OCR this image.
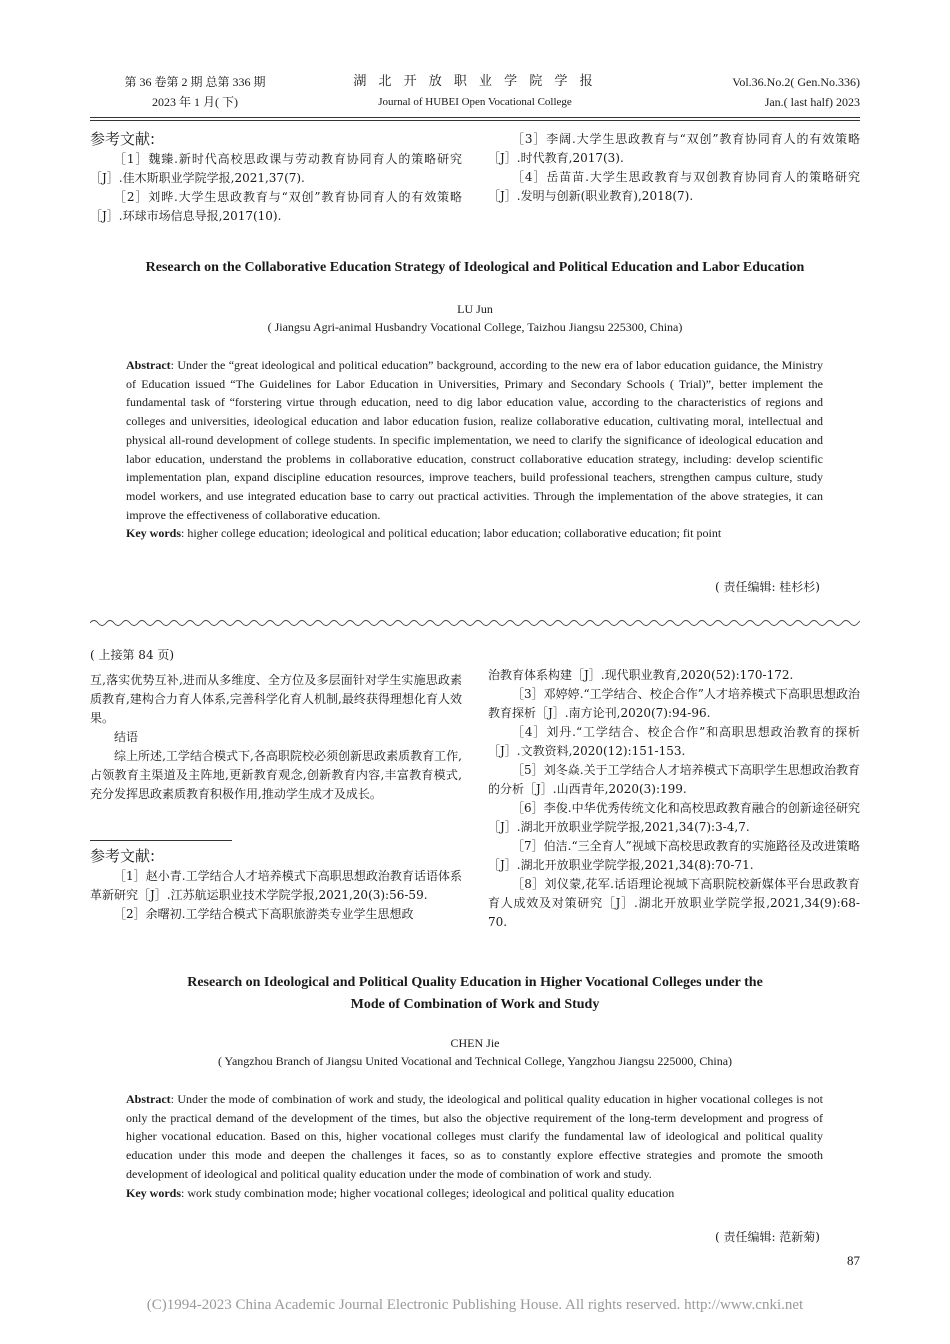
第 36 卷第 2 期 总第 336 期
2023 年 1 月( 下)
湖 北 开 放 职 业 学 院 学 报
Journal of HUBEI Open Vocational College
Vol.36.No.2( Gen.No.336)
Jan.( last half) 2023
参考文献:
［1］魏臻.新时代高校思政课与劳动教育协同育人的策略研究［J］.佳木斯职业学院学报,2021,37(7).
［2］刘晔.大学生思政教育与“双创”教育协同育人的有效策略［J］.环球市场信息导报,2017(10).
［3］李阔.大学生思政教育与“双创”教育协同育人的有效策略［J］.时代教育,2017(3).
［4］岳苗苗.大学生思政教育与双创教育协同育人的策略研究［J］.发明与创新(职业教育),2018(7).
Research on the Collaborative Education Strategy of Ideological and Political Education and Labor Education
LU Jun
( Jiangsu Agri-animal Husbandry Vocational College, Taizhou Jiangsu 225300, China)
Abstract: Under the “great ideological and political education” background, according to the new era of labor education guidance, the Ministry of Education issued “The Guidelines for Labor Education in Universities, Primary and Secondary Schools ( Trial)”, better implement the fundamental task of “forstering virtue through education, need to dig labor education value, according to the characteristics of regions and colleges and universities, ideological education and labor education fusion, realize collaborative education, cultivating moral, intellectual and physical all-round development of college students. In specific implementation, we need to clarify the significance of ideological education and labor education, understand the problems in collaborative education, construct collaborative education strategy, including: develop scientific implementation plan, expand discipline education resources, improve teachers, build professional teachers, strengthen campus culture, study model workers, and use integrated education base to carry out practical activities. Through the implementation of the above strategies, it can improve the effectiveness of collaborative education.
Key words: higher college education; ideological and political education; labor education; collaborative education; fit point
( 责任编辑: 桂杉杉)
( 上接第 84 页)
互,落实优势互补,进而从多维度、全方位及多层面针对学生实施思政素质教育,建构合力育人体系,完善科学化育人机制,最终获得理想化育人效果。
结语
综上所述,工学结合模式下,各高职院校必须创新思政素质教育工作,占领教育主渠道及主阵地,更新教育观念,创新教育内容,丰富教育模式,充分发挥思政素质教育积极作用,推动学生成才及成长。
参考文献:
［1］赵小青.工学结合人才培养模式下高职思想政治教育话语体系革新研究［J］.江苏航运职业技术学院学报,2021,20(3):56-59.
［2］余曙初.工学结合模式下高职旅游类专业学生思想政
治教育体系构建［J］.现代职业教育,2020(52):170-172.
［3］邓婷婷.“工学结合、校企合作”人才培养模式下高职思想政治教育探析［J］.南方论刊,2020(7):94-96.
［4］刘丹.“工学结合、校企合作”和高职思想政治教育的探析［J］.文教资料,2020(12):151-153.
［5］刘冬焱.关于工学结合人才培养模式下高职学生思想政治教育的分析［J］.山西青年,2020(3):199.
［6］李俊.中华优秀传统文化和高校思政教育融合的创新途径研究［J］.湖北开放职业学院学报,2021,34(7):3-4,7.
［7］伯洁.“三全育人”视域下高校思政教育的实施路径及改进策略［J］.湖北开放职业学院学报,2021,34(8):70-71.
［8］刘仪蒙,花军.话语理论视域下高职院校新媒体平台思政教育育人成效及对策研究［J］.湖北开放职业学院学报,2021,34(9):68-70.
Research on Ideological and Political Quality Education in Higher Vocational Colleges under the
Mode of Combination of Work and Study
CHEN Jie
( Yangzhou Branch of Jiangsu United Vocational and Technical College, Yangzhou Jiangsu 225000, China)
Abstract: Under the mode of combination of work and study, the ideological and political quality education in higher vocational colleges is not only the practical demand of the development of the times, but also the objective requirement of the long-term development and progress of higher vocational education. Based on this, higher vocational colleges must clarify the fundamental law of ideological and political quality education under this mode and deepen the challenges it faces, so as to constantly explore effective strategies and promote the smooth development of ideological and political quality education under the mode of combination of work and study.
Key words: work study combination mode; higher vocational colleges; ideological and political quality education
( 责任编辑: 范新菊)
87
(C)1994-2023 China Academic Journal Electronic Publishing House. All rights reserved. http://www.cnki.net
